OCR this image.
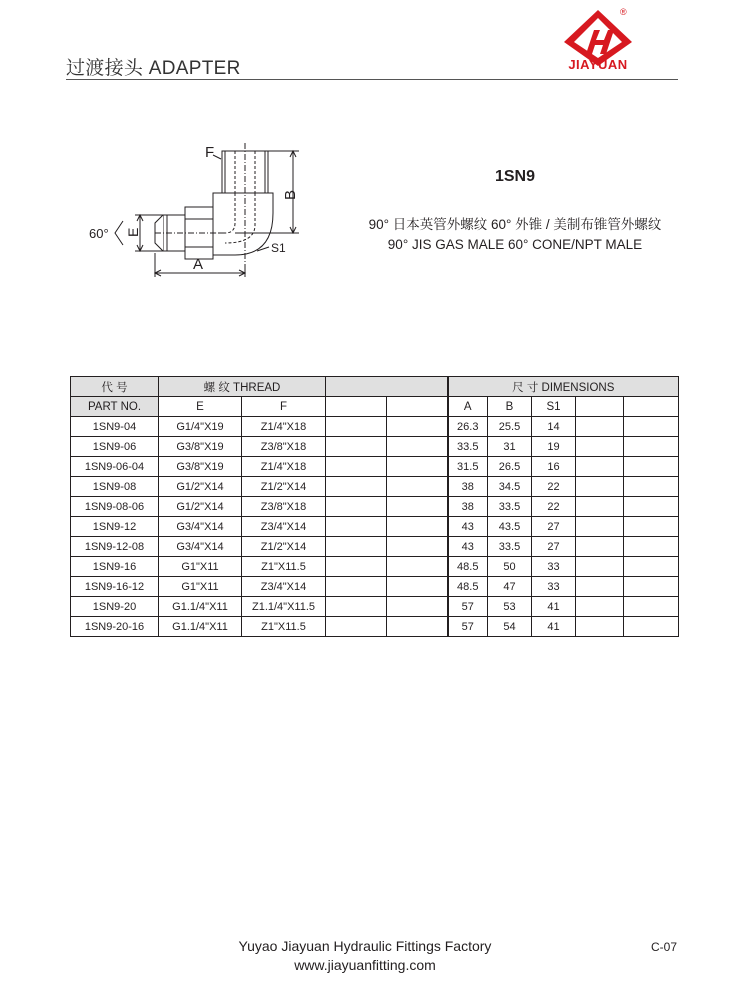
过渡接头 ADAPTER
®
JIAYUAN
F
B
E
60°
A
S1
1SN9
90° 日本英管外螺纹 60° 外锥 / 美制布锥管外螺纹
90° JIS GAS MALE 60° CONE/NPT MALE
代 号	螺 纹 THREAD				尺 寸 DIMENSIONS				
PART NO.	E	F			A	B	S1		
1SN9-04	G1/4"X19	Z1/4"X18			26.3	25.5	14		
1SN9-06	G3/8"X19	Z3/8"X18			33.5	31	19		
1SN9-06-04	G3/8"X19	Z1/4"X18			31.5	26.5	16		
1SN9-08	G1/2"X14	Z1/2"X14			38	34.5	22		
1SN9-08-06	G1/2"X14	Z3/8"X18			38	33.5	22		
1SN9-12	G3/4"X14	Z3/4"X14			43	43.5	27		
1SN9-12-08	G3/4"X14	Z1/2"X14			43	33.5	27		
1SN9-16	G1"X11	Z1"X11.5			48.5	50	33		
1SN9-16-12	G1"X11	Z3/4"X14			48.5	47	33		
1SN9-20	G1.1/4"X11	Z1.1/4"X11.5			57	53	41		
1SN9-20-16	G1.1/4"X11	Z1"X11.5			57	54	41		
Yuyao Jiayuan Hydraulic Fittings Factory
www.jiayuanfitting.com
C-07
